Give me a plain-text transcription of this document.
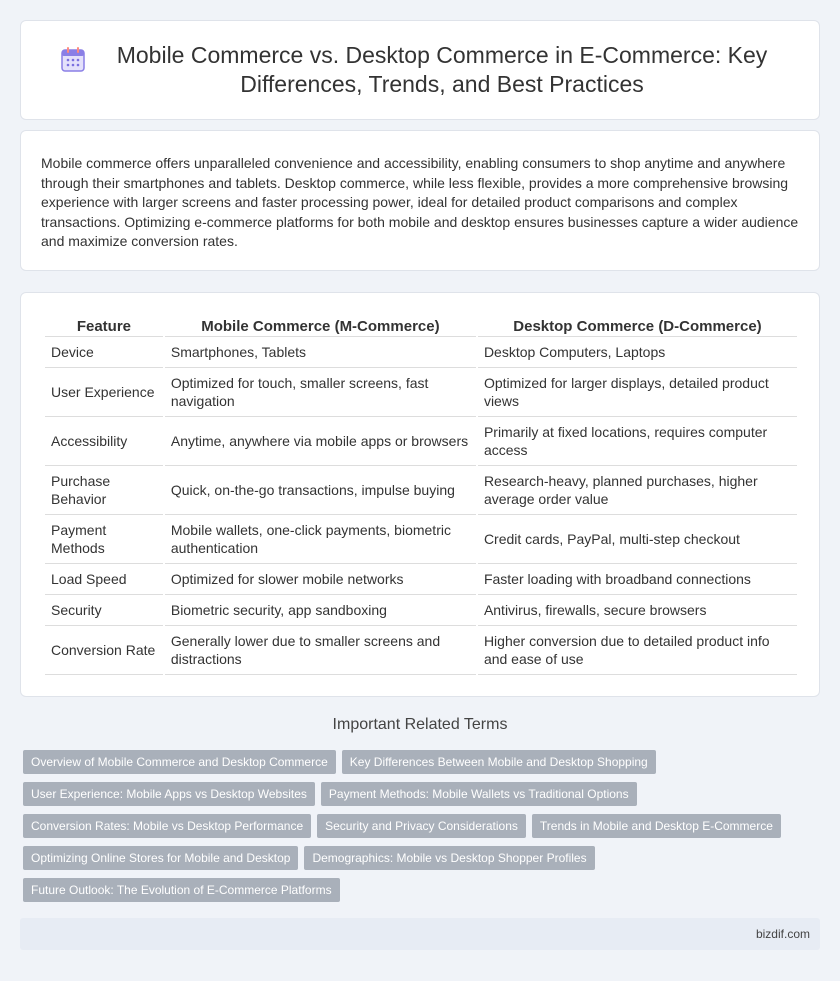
Mobile Commerce vs. Desktop Commerce in E-Commerce: Key Differences, Trends, and Best Practices

Mobile commerce offers unparalleled convenience and accessibility, enabling consumers to shop anytime and anywhere through their smartphones and tablets. Desktop commerce, while less flexible, provides a more comprehensive browsing experience with larger screens and faster processing power, ideal for detailed product comparisons and complex transactions. Optimizing e-commerce platforms for both mobile and desktop ensures businesses capture a wider audience and maximize conversion rates.

Feature	Mobile Commerce (M-Commerce)	Desktop Commerce (D-Commerce)
Device	Smartphones, Tablets	Desktop Computers, Laptops
User Experience	Optimized for touch, smaller screens, fast navigation	Optimized for larger displays, detailed product views
Accessibility	Anytime, anywhere via mobile apps or browsers	Primarily at fixed locations, requires computer access
Purchase Behavior	Quick, on-the-go transactions, impulse buying	Research-heavy, planned purchases, higher average order value
Payment Methods	Mobile wallets, one-click payments, biometric authentication	Credit cards, PayPal, multi-step checkout
Load Speed	Optimized for slower mobile networks	Faster loading with broadband connections
Security	Biometric security, app sandboxing	Antivirus, firewalls, secure browsers
Conversion Rate	Generally lower due to smaller screens and distractions	Higher conversion due to detailed product info and ease of use
Important Related Terms
Overview of Mobile Commerce and Desktop Commerce	Key Differences Between Mobile and Desktop Shopping
User Experience: Mobile Apps vs Desktop Websites	Payment Methods: Mobile Wallets vs Traditional Options
Conversion Rates: Mobile vs Desktop Performance	Security and Privacy Considerations	Trends in Mobile and Desktop E-Commerce
Optimizing Online Stores for Mobile and Desktop	Demographics: Mobile vs Desktop Shopper Profiles
Future Outlook: The Evolution of E-Commerce Platforms
bizdif.com
